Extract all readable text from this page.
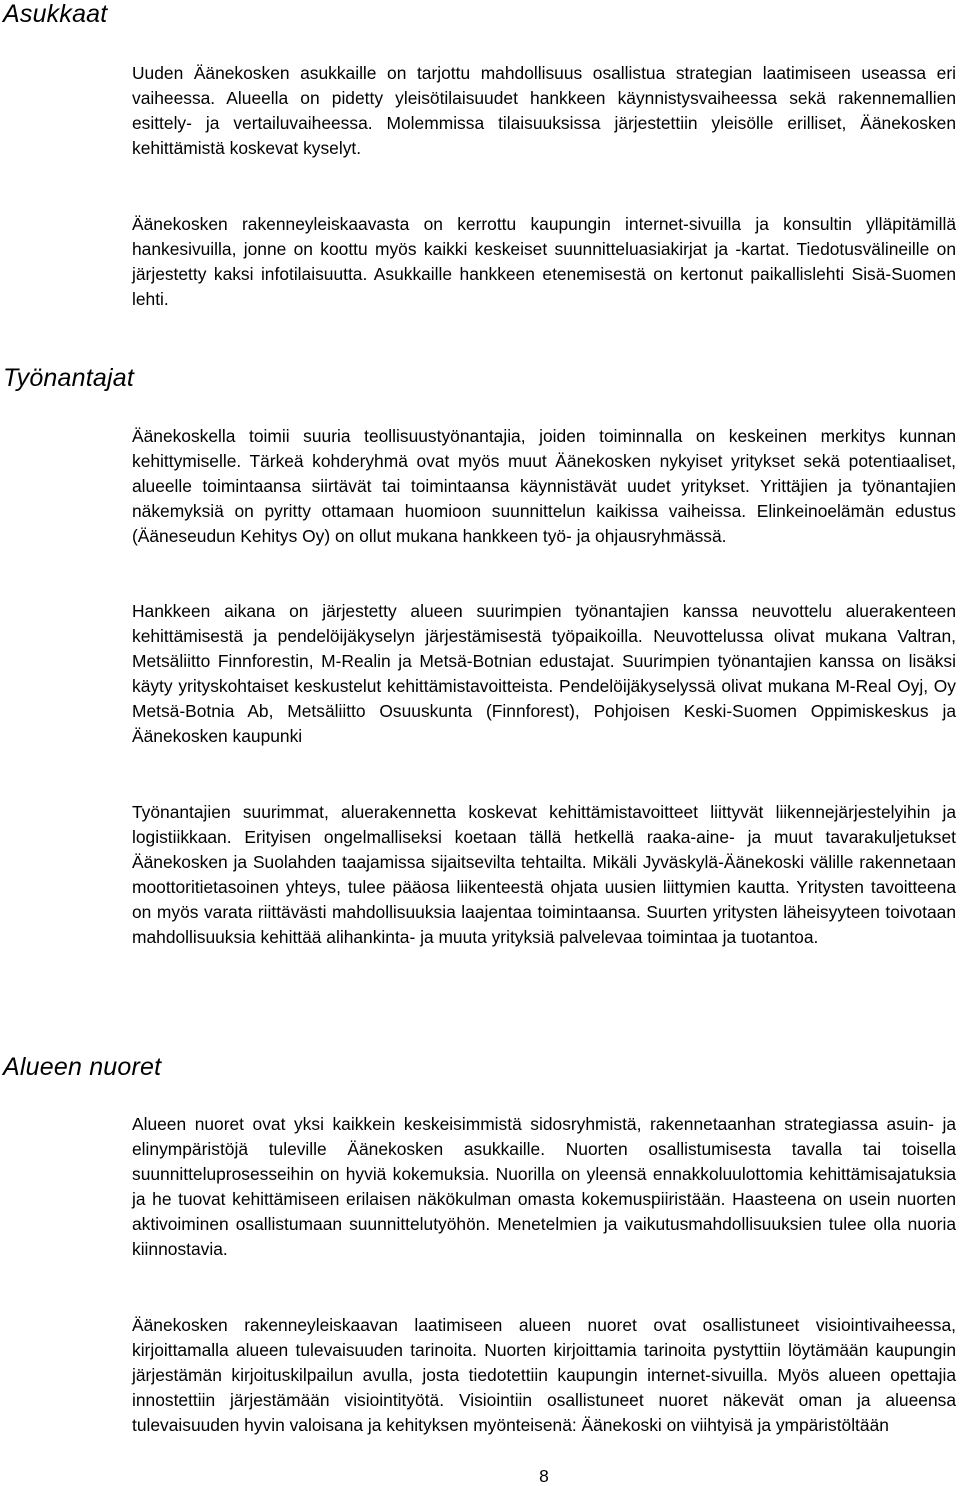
Asukkaat

Uuden Äänekosken asukkaille on tarjottu mahdollisuus osallistua strategian laatimiseen useassa eri vaiheessa. Alueella on pidetty yleisötilaisuudet hankkeen käynnistysvaiheessa sekä rakennemallien esittely- ja vertailuvaiheessa. Molemmissa tilaisuuksissa järjestettiin yleisölle erilliset, Äänekosken kehittämistä koskevat kyselyt.

Äänekosken rakenneyleiskaavasta on kerrottu kaupungin internet-sivuilla ja konsultin ylläpitämillä hankesivuilla, jonne on koottu myös kaikki keskeiset suunnitteluasiakirjat ja -kartat. Tiedotusvälineille on järjestetty kaksi infotilaisuutta. Asukkaille hankkeen etenemisestä on kertonut paikallislehti Sisä-Suomen lehti.

Työnantajat

Äänekoskella toimii suuria teollisuustyönantajia, joiden toiminnalla on keskeinen merkitys kunnan kehittymiselle. Tärkeä kohderyhmä ovat myös muut Äänekosken nykyiset yritykset sekä potentiaaliset, alueelle toimintaansa siirtävät tai toimintaansa käynnistävät uudet yritykset. Yrittäjien ja työnantajien näkemyksiä on pyritty ottamaan huomioon suunnittelun kaikissa vaiheissa. Elinkeinoelämän edustus (Ääneseudun Kehitys Oy) on ollut mukana hankkeen työ- ja ohjausryhmässä.

Hankkeen aikana on järjestetty alueen suurimpien työnantajien kanssa neuvottelu aluerakenteen kehittämisestä ja pendelöijäkyselyn järjestämisestä työpaikoilla. Neuvottelussa olivat mukana Valtran, Metsäliitto Finnforestin, M-Realin ja Metsä-Botnian edustajat. Suurimpien työnantajien kanssa on lisäksi käyty yrityskohtaiset keskustelut kehittämistavoitteista. Pendelöijäkyselyssä olivat mukana M-Real Oyj, Oy Metsä-Botnia Ab, Metsäliitto Osuuskunta (Finnforest), Pohjoisen Keski-Suomen Oppimiskeskus ja Äänekosken kaupunki

Työnantajien suurimmat, aluerakennetta koskevat kehittämistavoitteet liittyvät liikennejärjestelyihin ja logistiikkaan. Erityisen ongelmalliseksi koetaan tällä hetkellä raaka-aine- ja muut tavarakuljetukset Äänekosken ja Suolahden taajamissa sijaitsevilta tehtailta. Mikäli Jyväskylä-Äänekoski välille rakennetaan moottoritietasoinen yhteys, tulee pääosa liikenteestä ohjata uusien liittymien kautta. Yritysten tavoitteena on myös varata riittävästi mahdollisuuksia laajentaa toimintaansa. Suurten yritysten läheisyyteen toivotaan mahdollisuuksia kehittää alihankinta- ja muuta yrityksiä palvelevaa toimintaa ja tuotantoa.

Alueen nuoret

Alueen nuoret ovat yksi kaikkein keskeisimmistä sidosryhmistä, rakennetaanhan strategiassa asuin- ja elinympäristöjä tuleville Äänekosken asukkaille. Nuorten osallistumisesta tavalla tai toisella suunnitteluprosesseihin on hyviä kokemuksia. Nuorilla on yleensä ennakkoluulottomia kehittämisajatuksia ja he tuovat kehittämiseen erilaisen näkökulman omasta kokemuspiiristään. Haasteena on usein nuorten aktivoiminen osallistumaan suunnittelutyöhön. Menetelmien ja vaikutusmahdollisuuksien tulee olla nuoria kiinnostavia.

Äänekosken rakenneyleiskaavan laatimiseen alueen nuoret ovat osallistuneet visiointivaiheessa, kirjoittamalla alueen tulevaisuuden tarinoita. Nuorten kirjoittamia tarinoita pystyttiin löytämään kaupungin järjestämän kirjoituskilpailun avulla, josta tiedotettiin kaupungin internet-sivuilla. Myös alueen opettajia innostettiin järjestämään visiointityötä. Visiointiin osallistuneet nuoret näkevät oman ja alueensa tulevaisuuden hyvin valoisana ja kehityksen myönteisenä: Äänekoski on viihtyisä ja ympäristöltään

8
